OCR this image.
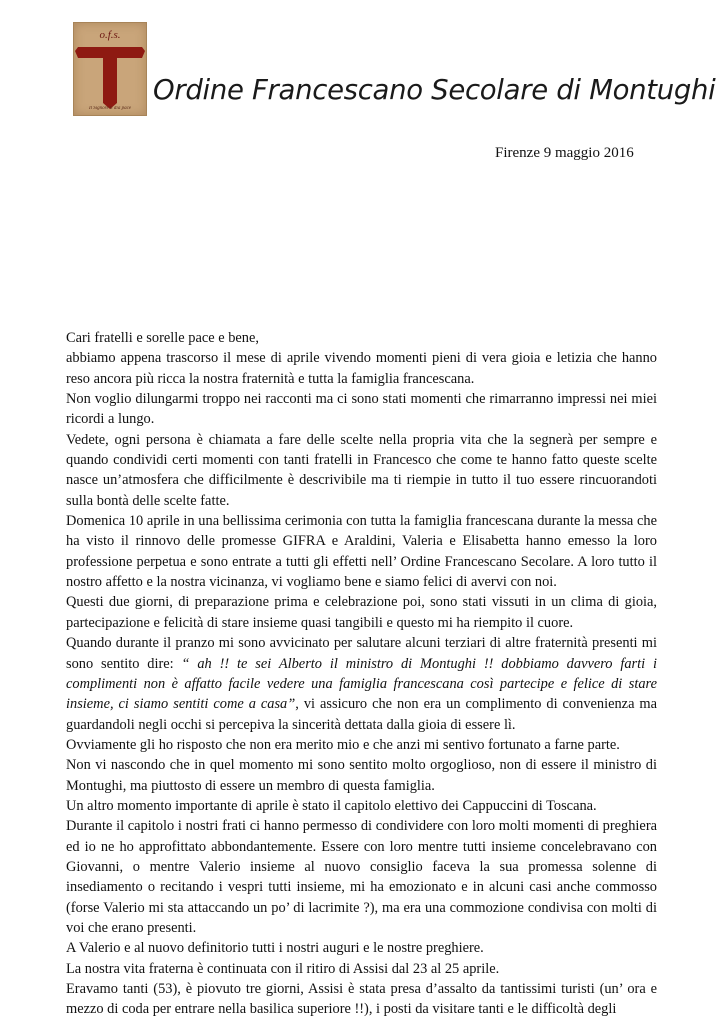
o.f.s.
Il Signore ti dia pace
Ordine Francescano Secolare di Montughi
Firenze 9 maggio 2016

Cari fratelli e sorelle pace e bene,

abbiamo appena trascorso il mese di aprile vivendo momenti pieni di vera gioia e letizia che hanno reso ancora più ricca la nostra fraternità e tutta la famiglia francescana.

Non voglio dilungarmi troppo nei racconti ma ci sono stati momenti che rimarranno impressi nei miei ricordi a lungo.

Vedete, ogni persona è chiamata a fare delle scelte nella propria vita che la segnerà per sempre e quando condividi certi momenti con tanti fratelli in Francesco che come te hanno fatto queste scelte nasce un’atmosfera che difficilmente è descrivibile ma ti riempie in tutto il tuo essere rincuorandoti sulla bontà delle scelte fatte.

Domenica 10 aprile in una bellissima cerimonia con tutta la famiglia francescana durante la messa che ha visto il rinnovo delle promesse GIFRA e Araldini, Valeria e Elisabetta hanno emesso la loro professione perpetua e sono entrate a tutti gli effetti nell’ Ordine Francescano Secolare. A loro tutto il nostro affetto e la nostra vicinanza, vi vogliamo bene e siamo felici di avervi con noi.

Questi due giorni, di preparazione prima e celebrazione poi, sono stati vissuti in un clima di gioia, partecipazione e felicità di stare insieme quasi tangibili e questo mi ha riempito il cuore.

Quando durante il pranzo mi sono avvicinato per salutare alcuni terziari di altre fraternità presenti mi sono sentito dire: “ ah !! te sei Alberto il ministro di Montughi !! dobbiamo davvero farti i complimenti non è affatto facile vedere una famiglia francescana così partecipe e felice di stare insieme, ci siamo sentiti come a casa”, vi assicuro che non era un complimento di convenienza ma guardandoli negli occhi si percepiva la sincerità dettata dalla gioia di essere lì.

Ovviamente gli ho risposto che non era merito mio e che anzi mi sentivo fortunato a farne parte.

Non vi nascondo che in quel momento mi sono sentito molto orgoglioso, non di essere il ministro di Montughi, ma piuttosto di essere un membro di questa famiglia.

Un altro momento importante di aprile è stato il capitolo elettivo dei Cappuccini di Toscana.

Durante il capitolo i nostri frati ci hanno permesso di condividere con loro molti momenti di preghiera ed io ne ho approfittato abbondantemente. Essere con loro mentre tutti insieme concelebravano con Giovanni, o mentre Valerio insieme al nuovo consiglio faceva la sua promessa solenne di insediamento o recitando i vespri tutti insieme, mi ha emozionato e in alcuni casi anche commosso (forse Valerio mi sta attaccando un po’ di lacrimite ?), ma era una commozione condivisa con molti di voi che erano presenti.

A Valerio e al nuovo definitorio tutti i nostri auguri e le nostre preghiere.

La nostra vita fraterna è continuata con il ritiro di Assisi dal 23 al 25 aprile.

Eravamo tanti (53), è piovuto tre giorni, Assisi è stata presa d’assalto da tantissimi turisti (un’ ora e mezzo di coda per entrare nella basilica superiore !!), i posti da visitare tanti e le difficoltà degli
